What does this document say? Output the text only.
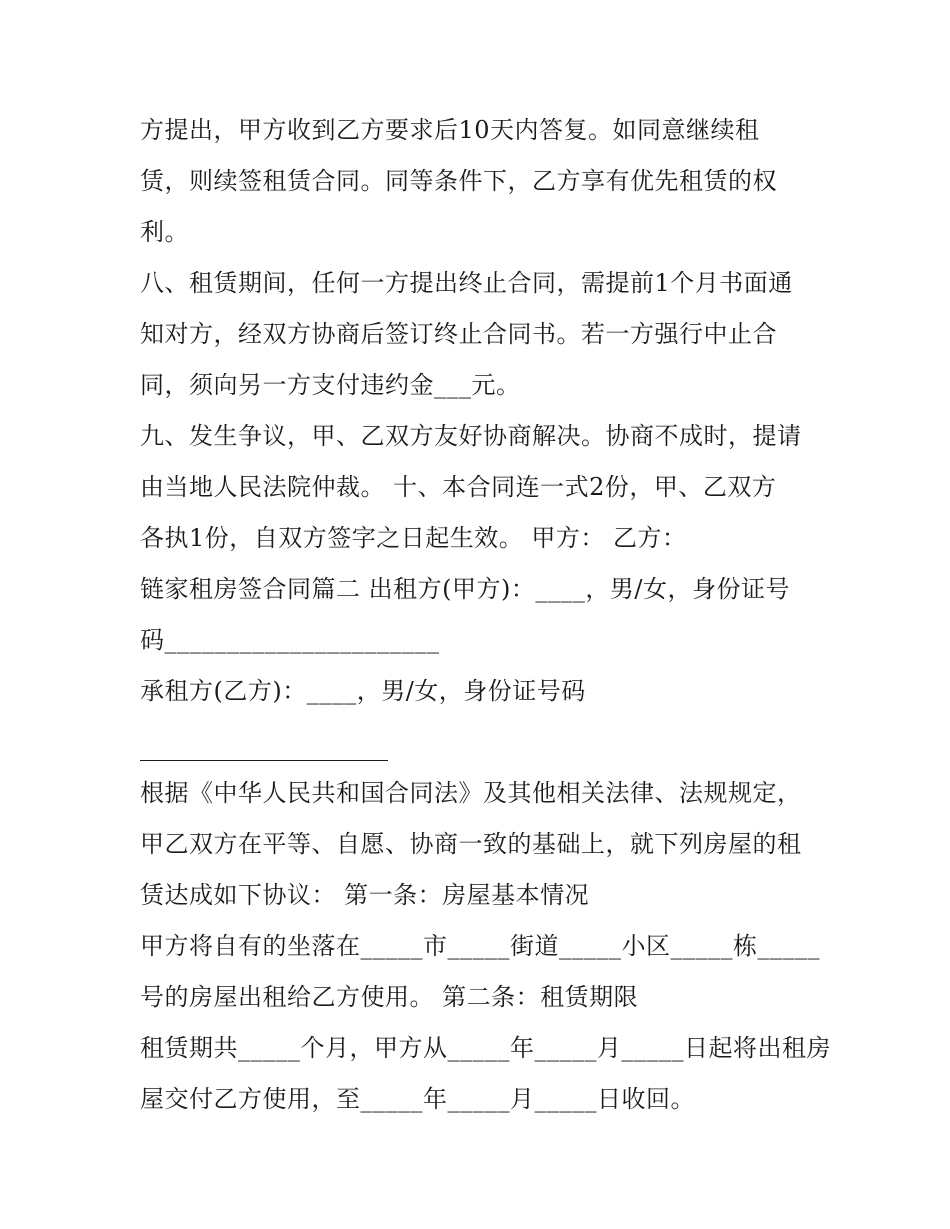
方提出，甲方收到乙方要求后10天内答复。如同意继续租
赁，则续签租赁合同。同等条件下，乙方享有优先租赁的权
利。
八、租赁期间，任何一方提出终止合同，需提前1个月书面通
知对方，经双方协商后签订终止合同书。若一方强行中止合
同，须向另一方支付违约金___元。
九、发生争议，甲、乙双方友好协商解决。协商不成时，提请
由当地人民法院仲裁。 十、本合同连一式2份，甲、乙双方
各执1份，自双方签字之日起生效。 甲方： 乙方：
链家租房签合同篇二 出租方(甲方)：____，男/女，身份证号
码______________________
承租方(乙方)：____，男/女，身份证号码
根据《中华人民共和国合同法》及其他相关法律、法规规定，
甲乙双方在平等、自愿、协商一致的基础上，就下列房屋的租
赁达成如下协议： 第一条：房屋基本情况
甲方将自有的坐落在_____市_____街道_____小区_____栋_____
号的房屋出租给乙方使用。 第二条：租赁期限
租赁期共_____个月，甲方从_____年_____月_____日起将出租房
屋交付乙方使用，至_____年_____月_____日收回。
